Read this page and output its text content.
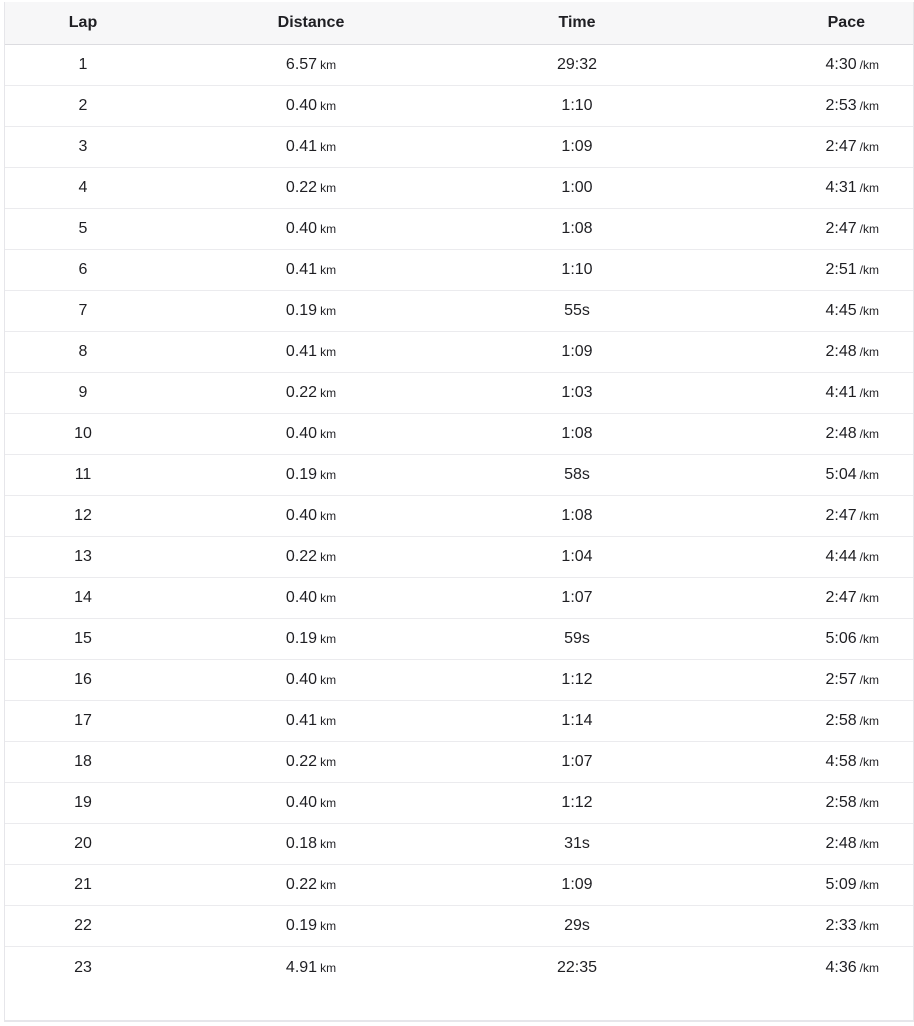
Lap	Distance	Time	Pace
1	6.57 km	29:32	4:30 /km
2	0.40 km	1:10	2:53 /km
3	0.41 km	1:09	2:47 /km
4	0.22 km	1:00	4:31 /km
5	0.40 km	1:08	2:47 /km
6	0.41 km	1:10	2:51 /km
7	0.19 km	55s	4:45 /km
8	0.41 km	1:09	2:48 /km
9	0.22 km	1:03	4:41 /km
10	0.40 km	1:08	2:48 /km
11	0.19 km	58s	5:04 /km
12	0.40 km	1:08	2:47 /km
13	0.22 km	1:04	4:44 /km
14	0.40 km	1:07	2:47 /km
15	0.19 km	59s	5:06 /km
16	0.40 km	1:12	2:57 /km
17	0.41 km	1:14	2:58 /km
18	0.22 km	1:07	4:58 /km
19	0.40 km	1:12	2:58 /km
20	0.18 km	31s	2:48 /km
21	0.22 km	1:09	5:09 /km
22	0.19 km	29s	2:33 /km
23	4.91 km	22:35	4:36 /km
